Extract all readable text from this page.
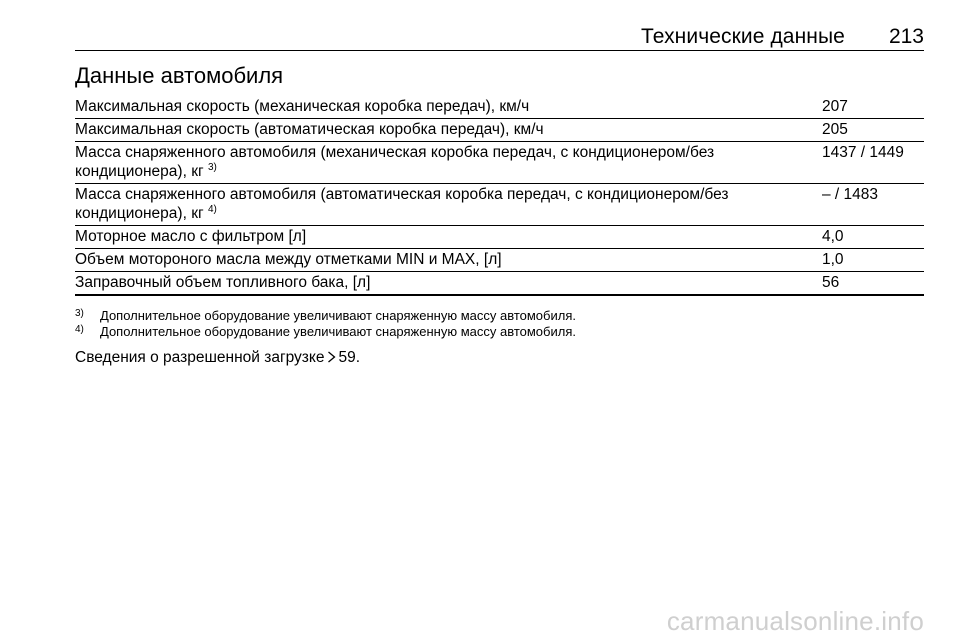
Технические данные 213
Данные автомобиля
Максимальная скорость (механическая коробка передач), км/ч	207
Максимальная скорость (автоматическая коробка передач), км/ч	205
Масса снаряженного автомобиля (механическая коробка передач, с кондиционером/без кондиционера), кг $^{3)}$	1437 / 1449
Масса снаряженного автомобиля (автоматическая коробка передач, с кондиционером/без кондиционера), кг $^{4)}$	– / 1483
Моторное масло с фильтром [л]	4,0
Объем мотороного масла между отметками MIN и MAX, [л]	1,0
Заправочный объем топливного бака, [л]	56
3)	Дополнительное оборудование увеличивают снаряженную массу автомобиля.
4)	Дополнительное оборудование увеличивают снаряженную массу автомобиля.
Сведения о разрешенной загрузке 59.
carmanualsonline.info
